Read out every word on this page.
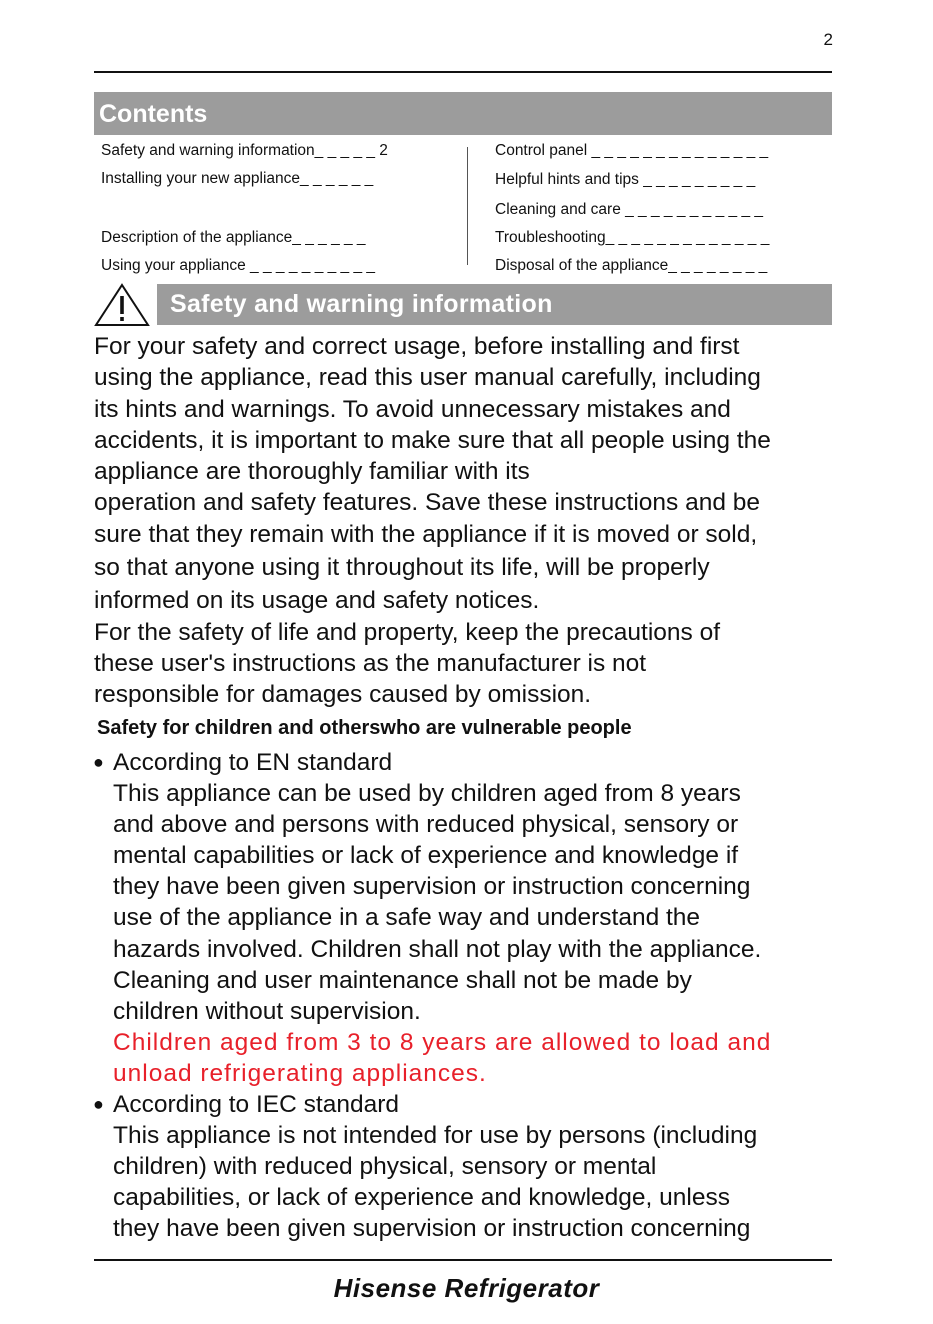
2
Contents
Safety and warning information_ _ _ _ _ 2
Installing your new appliance_ _ _ _ _ _
Description of the appliance_ _ _ _ _ _
Using your appliance _ _ _ _ _ _ _ _ _ _
Control panel _ _ _ _ _ _ _ _ _ _ _ _ _ _
Helpful hints and tips _ _ _ _ _ _ _ _ _
Cleaning and care _ _ _ _ _ _ _ _ _ _ _
Troubleshooting_ _ _ _ _ _ _ _ _ _ _ _ _
Disposal of the appliance_ _ _ _ _ _ _ _
Safety and warning information

For your safety and correct usage, before installing and first

using the appliance, read this user manual carefully, including

its hints and warnings. To avoid unnecessary mistakes and

accidents, it is important to make sure that all people using the

appliance are thoroughly familiar with its

operation and safety features. Save these instructions and be

sure that they remain with the appliance if it is moved or sold,

so that anyone using it throughout its life, will be properly

informed on its usage and safety notices.

For the safety of life and property, keep the precautions of

these user's instructions as the manufacturer is not

responsible for damages caused by omission.

Safety for children and otherswho are vulnerable people
● According to EN standard

This appliance can be used by children aged from 8 years

and above and persons with reduced physical, sensory or

mental capabilities or lack of experience and knowledge if

they have been given supervision or instruction concerning

use of the appliance in a safe way and understand the

hazards involved. Children shall not play with the appliance.

Cleaning and user maintenance shall not be made by

children without supervision.

Children aged from 3 to 8 years are allowed to load and

unload refrigerating appliances.

● According to IEC standard

This appliance is not intended for use by persons (including

children) with reduced physical, sensory or mental

capabilities, or lack of experience and knowledge, unless

they have been given supervision or instruction concerning

Hisense Refrigerator
